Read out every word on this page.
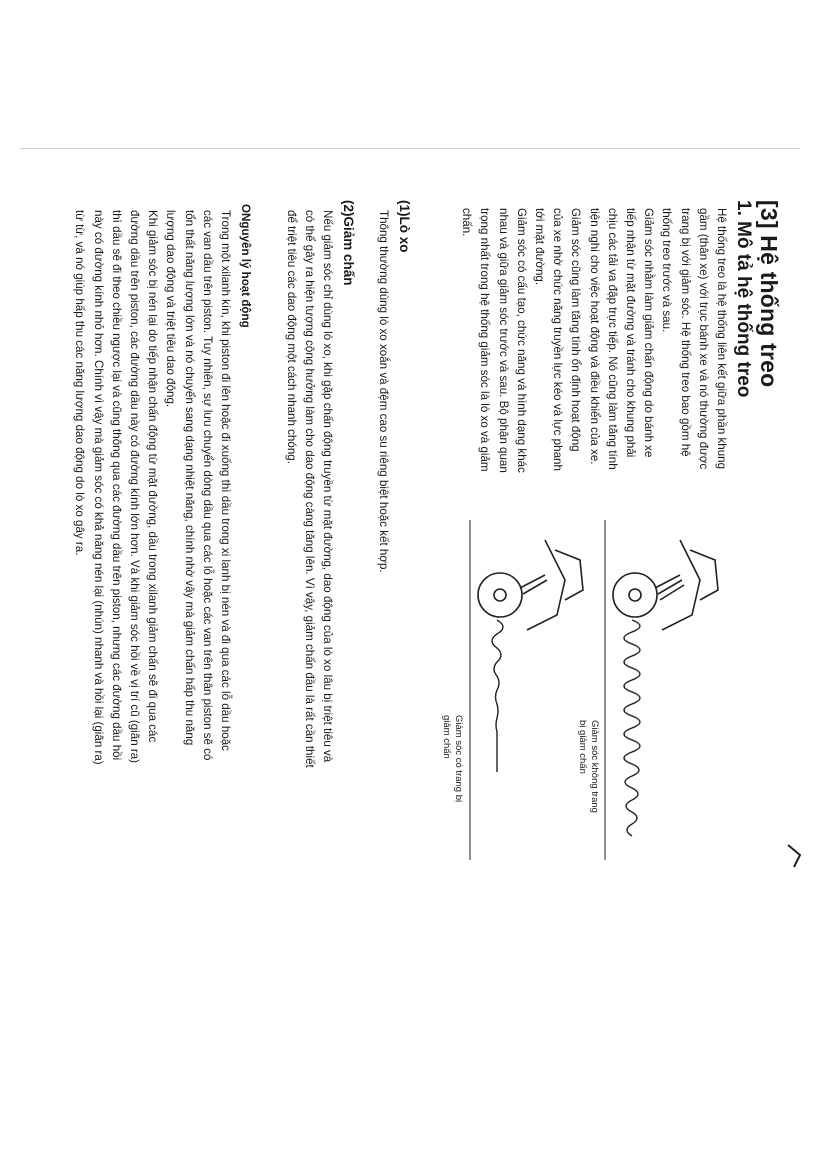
[3] Hệ thống treo
1. Mô tả hệ thống treo
Hệ thống treo là hệ thống liên kết giữa phần khung
gầm (thân xe) với trục bánh xe và nó thường được
trang bị với giảm sóc. Hệ thống treo bao gồm hệ
thống treo trước và sau.
Giảm sóc nhằm làm giảm chấn động do bánh xe
tiếp nhận từ mặt đường và tránh cho khung phải
chịu các tải va đập trực tiếp. Nó cũng làm tăng tính
tiện nghi cho việc hoạt động và điều khiển của xe.
Giảm sóc cũng làm tăng tính ổn định hoạt động
của xe nhờ chức năng truyền lực kéo và lực phanh
tới mặt đường.
Giảm sóc có cấu tạo, chức năng và hình dạng khác
nhau và giữa giảm sóc trước và sau. Bộ phận quan
trọng nhất trong hệ thống giảm sóc là lò xo và giảm
chấn.
Giảm sóc không trang
bị giảm chấn
Giảm sóc có trang bị
giảm chấn
(1)Lò xo
Thông thường dùng lò xo xoắn và đệm cao su riêng biệt hoặc kết hợp.
(2)Giảm chấn
Nếu giảm sóc chỉ dùng lò xo, khi gặp chấn động truyền từ mặt đường, dao động của lò xo lâu bị triệt tiêu và
có thể gây ra hiện tượng cộng hưởng làm cho dao động càng tăng lên. Vì vậy, giảm chấn đầu là rất cần thiết
để triệt tiêu các dao động một cách nhanh chóng.
ONguyên lý hoạt động
Trong một xilanh kín, khi piston đi lên hoặc đi xuống thì dầu trong xi lanh bị nén và đi qua các lỗ dầu hoặc
các van dầu trên piston. Tuy nhiên, sự lưu chuyển dòng dầu qua các lỗ hoặc các van trên thân piston sẽ có
tổn thất năng lượng lớn và nó chuyển sang dạng nhiệt năng, chính nhờ vậy mà giảm chấn hấp thu năng
lượng dao động và triệt tiêu dao động.
Khi giảm sóc bị nén lại do tiếp nhận chấn động từ mặt đường, dầu trong xilanh giảm chấn sẽ đi qua các
đường dầu trên piston, các đường dầu này có đường kính lớn hơn. Và khi giảm sóc hồi về vị trí cũ (giãn ra)
thì dầu sẽ đi theo chiều ngược lại và cũng thông qua các đường dầu trên piston, nhưng các đường dầu hồi
này có đường kính nhỏ hơn. Chính vì vậy mà giảm sóc có khả năng nén lại (nhún) nhanh và hồi lại (giãn ra)
từ từ, và nó giúp hấp thu các năng lượng dao động do lò xo gây ra.
